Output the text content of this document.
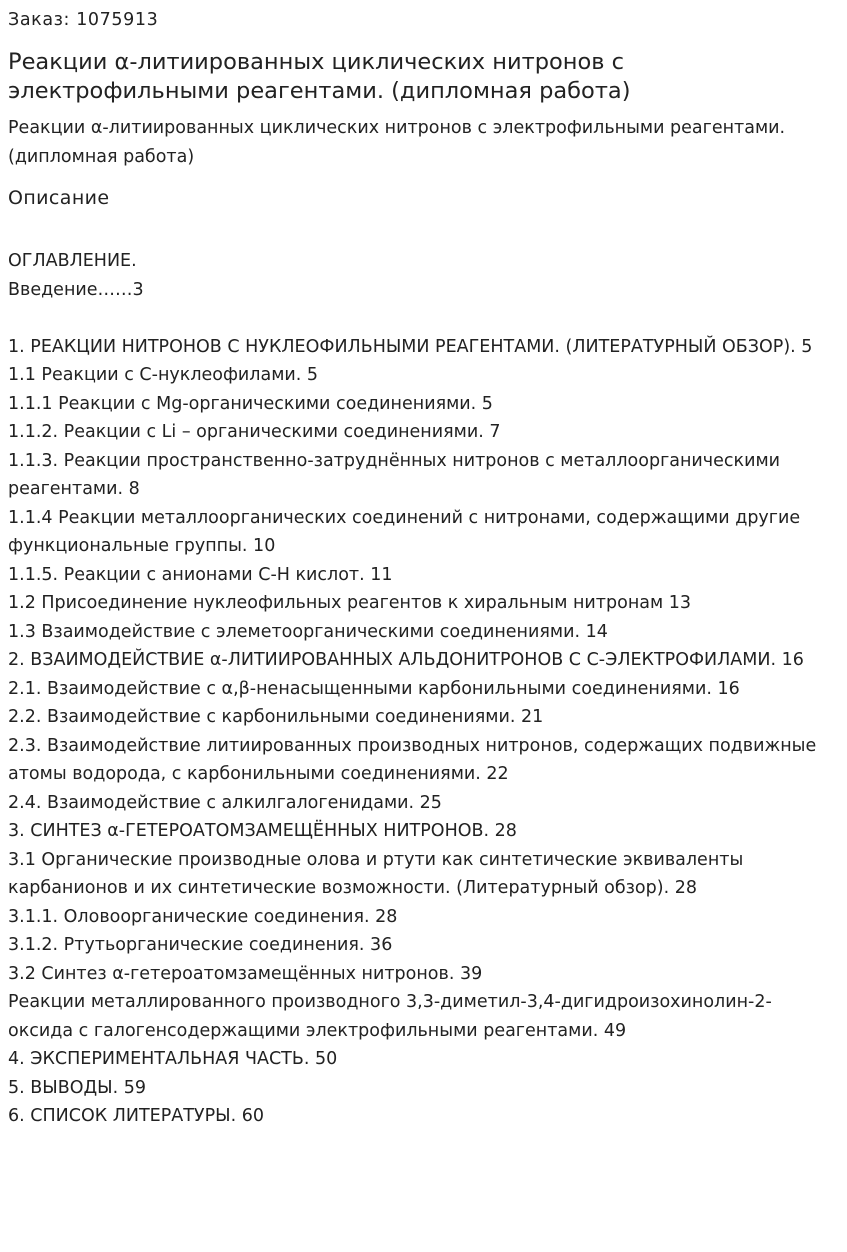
Заказ: 1075913
Реакции α-литиированных циклических нитронов с электрофильными реагентами. (дипломная работа)

Реакции α-литиированных циклических нитронов с электрофильными реагентами. (дипломная работа)

Описание
ОГЛАВЛЕНИЕ.
Введение……3
1. РЕАКЦИИ НИТРОНОВ С НУКЛЕОФИЛЬНЫМИ РЕАГЕНТАМИ. (ЛИТЕРАТУРНЫЙ ОБЗОР). 5
1.1 Реакции с С-нуклеофилами. 5
1.1.1 Реакции с Mg-органическими соединениями. 5
1.1.2. Реакции с Li – органическими соединениями. 7
1.1.3. Реакции пространственно-затруднённых нитронов с металлоорганическими реагентами. 8
1.1.4 Реакции металлоорганических соединений с нитронами, содержащими другие функциональные группы. 10
1.1.5. Реакции с анионами С-Н кислот. 11
1.2 Присоединение нуклеофильных реагентов к хиральным нитронам 13
1.3 Взаимодействие с элеметоорганическими соединениями. 14
2. ВЗАИМОДЕЙСТВИЕ α-ЛИТИИРОВАННЫХ АЛЬДОНИТРОНОВ С С-ЭЛЕКТРОФИЛАМИ. 16
2.1. Взаимодействие с α,β-ненасыщенными карбонильными соединениями. 16
2.2. Взаимодействие с карбонильными соединениями. 21
2.3. Взаимодействие литиированных производных нитронов, содержащих подвижные атомы водорода, с карбонильными соединениями. 22
2.4. Взаимодействие с алкилгалогенидами. 25
3. СИНТЕЗ α-ГЕТЕРОАТОМЗАМЕЩЁННЫХ НИТРОНОВ. 28
3.1 Органические производные олова и ртути как синтетические эквиваленты карбанионов и их синтетические возможности. (Литературный обзор). 28
3.1.1. Оловоорганические соединения. 28
3.1.2. Ртутьорганические соединения. 36
3.2 Синтез α-гетероатомзамещённых нитронов. 39
Реакции металлированного производного 3,3-диметил-3,4-дигидроизохинолин-2-оксида с галогенсодержащими электрофильными реагентами. 49
4. ЭКСПЕРИМЕНТАЛЬНАЯ ЧАСТЬ. 50
5. ВЫВОДЫ. 59
6. СПИСОК ЛИТЕРАТУРЫ. 60
